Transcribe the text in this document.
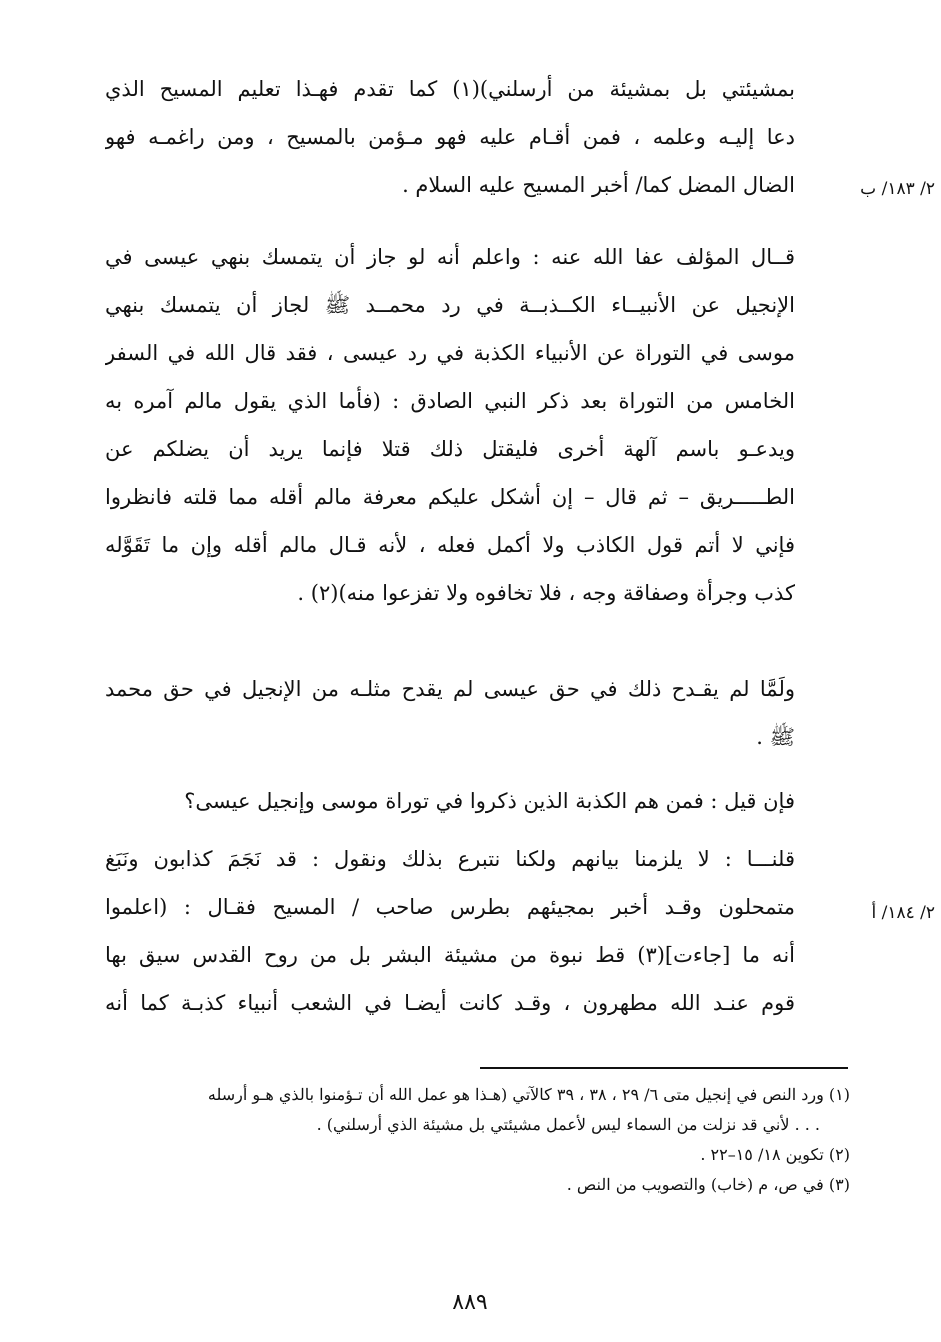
بمشيئتي بل بمشيئة من أرسلني)(١) كما تقدم فهـذا تعليم المسيح الذي
دعا إليـه وعلمه ، فمن أقـام عليه فهو مـؤمن بالمسيح ، ومن راغمـه فهو
الضال المضل كما/ أخبر المسيح عليه السلام .
قــال المؤلف عفا الله عنه : واعلم أنه لو جاز أن يتمسك بنهي عيسى في
الإنجيل عن الأنبيــاء الكــذبــة في رد محمــد ﷺ لجاز أن يتمسك بنهي
موسى في التوراة عن الأنبياء الكذبة في رد عيسى ، فقد قال الله في السفر
الخامس من التوراة بعد ذكر النبي الصادق : (فأما الذي يقول مالم آمره به
ويدعـو باسم آلهة أخرى فليقتل ذلك قتلا فإنما يريد أن يضلكم عن
الطـــــريق – ثم قال – إن أشكل عليكم معرفة مالم أقله مما قلته فانظروا
فإني لا أتم قول الكاذب ولا أكمل فعله ، لأنه قـال مالم أقله وإن ما تَقَوَّله
كذب وجرأة وصفاقة وجه ، فلا تخافوه ولا تفزعوا منه)(٢) .
ولَمَّا لم يقـدح ذلك في حق عيسى لم يقدح مثلـه من الإنجيل في حق محمد
ﷺ .
فإن قيل : فمن هم الكذبة الذين ذكروا في توراة موسى وإنجيل عيسى؟
قلنـــا : لا يلزمنا بيانهم ولكنا نتبرع بذلك ونقول : قد نَجَمَ كذابون ونَبَغ
متمحلون وقـد أخبر بمجيئهم بطرس صاحب / المسيح فقـال : (اعلموا
أنه ما [جاءت](٣) قط نبوة من مشيئة البشر بل من روح القدس سيق بها
قوم عنـد الله مطهرون ، وقـد كانت أيضـا في الشعب أنبياء كذبـة كما أنه
٢/ ١٨٣/ ب
٢/ ١٨٤/ أ
(١) ورد النص في إنجيل متى ٦/ ٢٩ ، ٣٨ ، ٣٩ كالآتي (هـذا هو عمل الله أن تـؤمنوا بالذي هـو أرسله
. . . لأني قد نزلت من السماء ليس لأعمل مشيئتي بل مشيئة الذي أرسلني) .
(٢) تكوين ١٨/ ١٥–٢٢ .
(٣) في ص، م (خاب) والتصويب من النص .
٨٨٩
